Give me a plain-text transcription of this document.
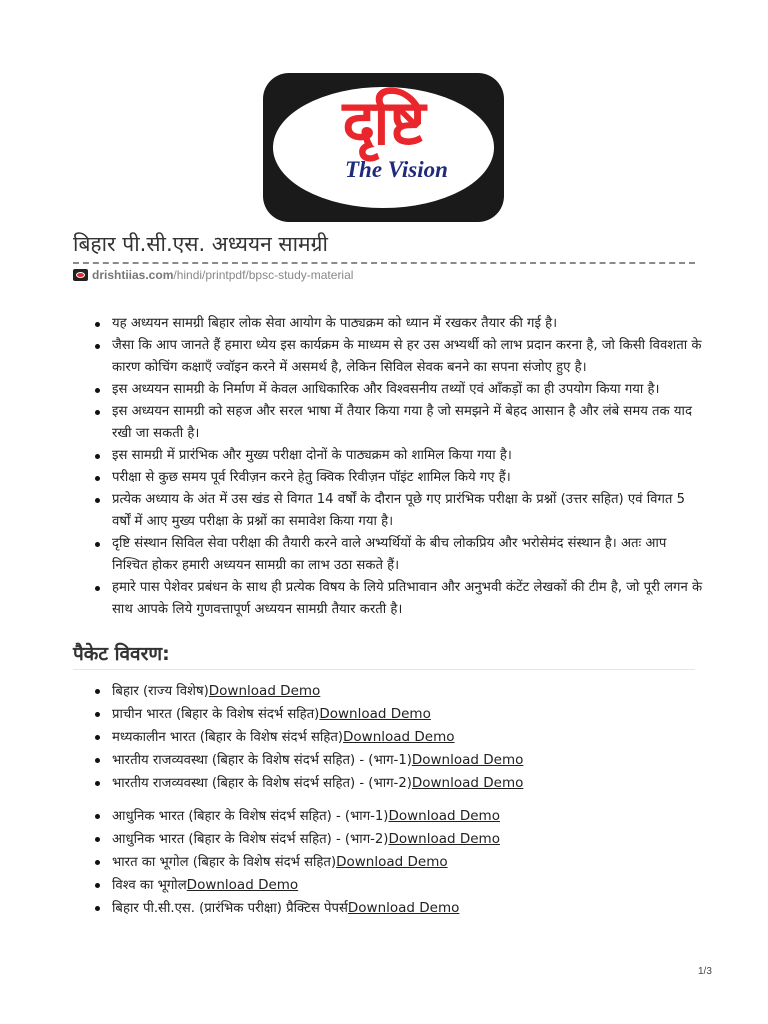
दृष्टि
The Vision
बिहार पी.सी.एस. अध्ययन सामग्री
drishtiias.com /hindi/printpdf/bpsc-study-material
यह अध्ययन सामग्री बिहार लोक सेवा आयोग के पाठ्यक्रम को ध्यान में रखकर तैयार की गई है।
जैसा कि आप जानते हैं हमारा ध्येय इस कार्यक्रम के माध्यम से हर उस अभ्यर्थी को लाभ प्रदान करना है, जो किसी विवशता के कारण कोचिंग कक्षाएँ ज्वॉइन करने में असमर्थ है, लेकिन सिविल सेवक बनने का सपना संजोए हुए है।
इस अध्ययन सामग्री के निर्माण में केवल आधिकारिक और विश्वसनीय तथ्यों एवं आँकड़ों का ही उपयोग किया गया है।
इस अध्ययन सामग्री को सहज और सरल भाषा में तैयार किया गया है जो समझने में बेहद आसान है और लंबे समय तक याद रखी जा सकती है।
इस सामग्री में प्रारंभिक और मुख्य परीक्षा दोनों के पाठ्यक्रम को शामिल किया गया है।
परीक्षा से कुछ समय पूर्व रिवीज़न करने हेतु क्विक रिवीज़न पॉइंट शामिल किये गए हैं।
प्रत्येक अध्याय के अंत में उस खंड से विगत 14 वर्षों के दौरान पूछे गए प्रारंभिक परीक्षा के प्रश्नों (उत्तर सहित) एवं विगत 5 वर्षों में आए मुख्य परीक्षा के प्रश्नों का समावेश किया गया है।
दृष्टि संस्थान सिविल सेवा परीक्षा की तैयारी करने वाले अभ्यर्थियों के बीच लोकप्रिय और भरोसेमंद संस्थान है। अतः आप निश्चित होकर हमारी अध्ययन सामग्री का लाभ उठा सकते हैं।
हमारे पास पेशेवर प्रबंधन के साथ ही प्रत्येक विषय के लिये प्रतिभावान और अनुभवी कंटेंट लेखकों की टीम है, जो पूरी लगन के साथ आपके लिये गुणवत्तापूर्ण अध्ययन सामग्री तैयार करती है।
पैकेट विवरण:
बिहार (राज्य विशेष)Download Demo
प्राचीन भारत (बिहार के विशेष संदर्भ सहित)Download Demo
मध्यकालीन भारत (बिहार के विशेष संदर्भ सहित)Download Demo
भारतीय राजव्यवस्था (बिहार के विशेष संदर्भ सहित) - (भाग-1)Download Demo
भारतीय राजव्यवस्था (बिहार के विशेष संदर्भ सहित) - (भाग-2)Download Demo
आधुनिक भारत (बिहार के विशेष संदर्भ सहित) - (भाग-1)Download Demo
आधुनिक भारत (बिहार के विशेष संदर्भ सहित) - (भाग-2)Download Demo
भारत का भूगोल (बिहार के विशेष संदर्भ सहित)Download Demo
विश्व का भूगोलDownload Demo
बिहार पी.सी.एस. (प्रारंभिक परीक्षा) प्रैक्टिस पेपर्सDownload Demo
1/3
